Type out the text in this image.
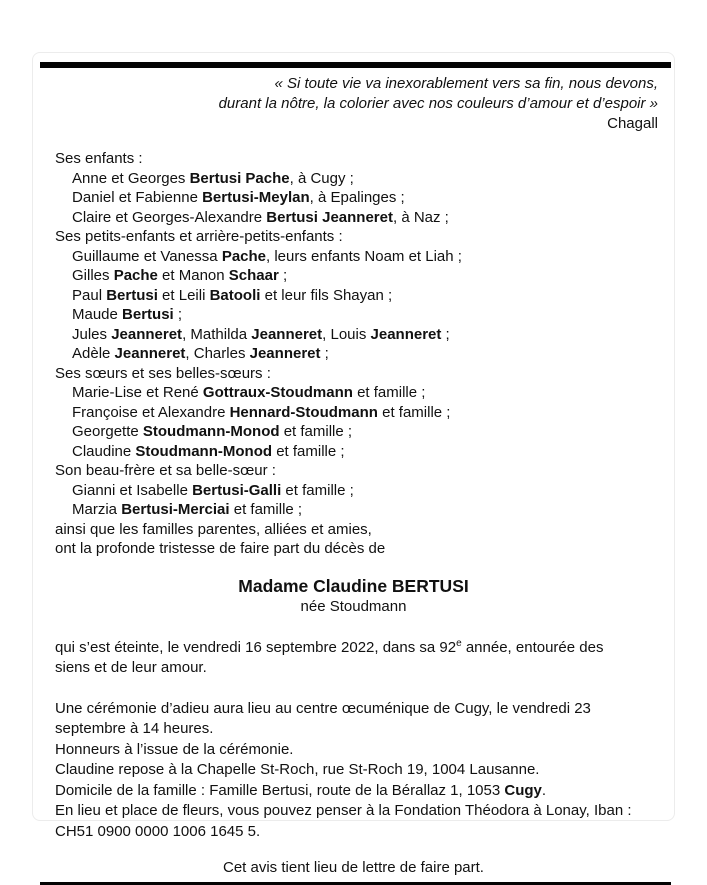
« Si toute vie va inexorablement vers sa fin, nous devons,
durant la nôtre, la colorier avec nos couleurs d’amour et d’espoir »
Chagall
Ses enfants :
Anne et Georges Bertusi Pache, à Cugy ;
Daniel et Fabienne Bertusi-Meylan, à Epalinges ;
Claire et Georges-Alexandre Bertusi Jeanneret, à Naz ;
Ses petits-enfants et arrière-petits-enfants :
Guillaume et Vanessa Pache, leurs enfants Noam et Liah ;
Gilles Pache et Manon Schaar ;
Paul Bertusi et Leili Batooli et leur fils Shayan ;
Maude Bertusi ;
Jules Jeanneret, Mathilda Jeanneret, Louis Jeanneret ;
Adèle Jeanneret, Charles Jeanneret ;
Ses sœurs et ses belles-sœurs :
Marie-Lise et René Gottraux-Stoudmann et famille ;
Françoise et Alexandre Hennard-Stoudmann et famille ;
Georgette Stoudmann-Monod et famille ;
Claudine Stoudmann-Monod et famille ;
Son beau-frère et sa belle-sœur :
Gianni et Isabelle Bertusi-Galli et famille ;
Marzia Bertusi-Merciai et famille ;
ainsi que les familles parentes, alliées et amies,
ont la profonde tristesse de faire part du décès de
Madame Claudine BERTUSI
née Stoudmann
qui s’est éteinte, le vendredi 16 septembre 2022, dans sa 92e année, entourée des siens et de leur amour.
Une cérémonie d’adieu aura lieu au centre œcuménique de Cugy, le vendredi 23 septembre à 14 heures.
Honneurs à l’issue de la cérémonie.
Claudine repose à la Chapelle St-Roch, rue St-Roch 19, 1004 Lausanne.
Domicile de la famille : Famille Bertusi, route de la Bérallaz 1, 1053 Cugy.
En lieu et place de fleurs, vous pouvez penser à la Fondation Théodora à Lonay, Iban : CH51 0900 0000 1006 1645 5.
Cet avis tient lieu de lettre de faire part.
